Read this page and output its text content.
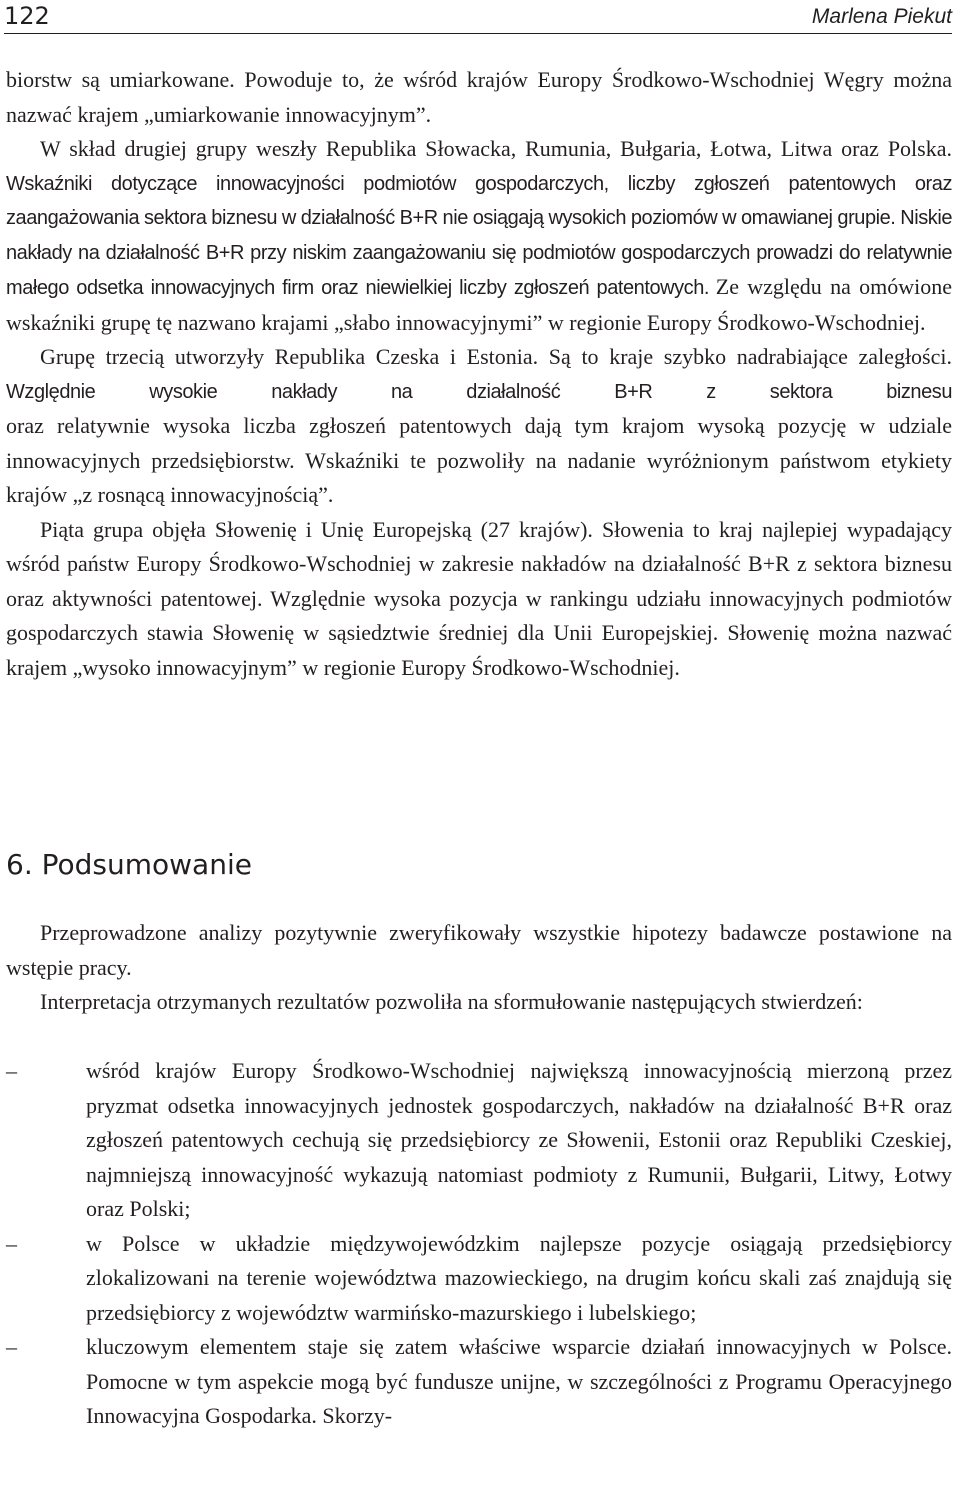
122	Marlena Piekut

biorstw są umiarkowane. Powoduje to, że wśród krajów Europy Środkowo-Wschodniej Węgry można nazwać krajem „umiarkowanie innowacyjnym”.

W skład drugiej grupy weszły Republika Słowacka, Rumunia, Bułgaria, Łotwa, Litwa oraz Polska. Wskaźniki dotyczące innowacyjności podmiotów gospodarczych, liczby zgłoszeń patentowych oraz zaangażowania sektora biznesu w działalność B+R nie osiągają wysokich poziomów w omawianej grupie. Niskie nakłady na działalność B+R przy niskim zaangażowaniu się podmiotów gospodarczych prowadzi do relatywnie małego odsetka innowacyjnych firm oraz niewielkiej liczby zgłoszeń patentowych. Ze względu na omówione wskaźniki grupę tę nazwano krajami „słabo innowacyjnymi” w regionie Europy Środkowo-Wschodniej.

Grupę trzecią utworzyły Republika Czeska i Estonia. Są to kraje szybko nadrabiające zaległości. Względnie wysokie nakłady na działalność B+R z sektora biznesu

oraz relatywnie wysoka liczba zgłoszeń patentowych dają tym krajom wysoką pozycję w udziale innowacyjnych przedsiębiorstw. Wskaźniki te pozwoliły na nadanie wyróżnionym państwom etykiety krajów „z rosnącą innowacyjnością”.

Piąta grupa objęła Słowenię i Unię Europejską (27 krajów). Słowenia to kraj najlepiej wypadający wśród państw Europy Środkowo-Wschodniej w zakresie nakładów na działalność B+R z sektora biznesu oraz aktywności patentowej. Względnie wysoka pozycja w rankingu udziału innowacyjnych podmiotów gospodarczych stawia Słowenię w sąsiedztwie średniej dla Unii Europejskiej. Słowenię można nazwać krajem „wysoko innowacyjnym” w regionie Europy Środkowo-Wschodniej.

6. Podsumowanie

Przeprowadzone analizy pozytywnie zweryfikowały wszystkie hipotezy badawcze postawione na wstępie pracy.

Interpretacja otrzymanych rezultatów pozwoliła na sformułowanie następujących stwierdzeń:

–	wśród krajów Europy Środkowo-Wschodniej największą innowacyjnością mierzoną przez pryzmat odsetka innowacyjnych jednostek gospodarczych, nakładów na działalność B+R oraz zgłoszeń patentowych cechują się przedsiębiorcy ze Słowenii, Estonii oraz Republiki Czeskiej, najmniejszą innowacyjność wykazują natomiast podmioty z Rumunii, Bułgarii, Litwy, Łotwy oraz Polski;
–	w Polsce w układzie międzywojewódzkim najlepsze pozycje osiągają przedsiębiorcy zlokalizowani na terenie województwa mazowieckiego, na drugim końcu skali zaś znajdują się przedsiębiorcy z województw warmińsko-mazurskiego i lubelskiego;
–	kluczowym elementem staje się zatem właściwe wsparcie działań innowacyjnych w Polsce. Pomocne w tym aspekcie mogą być fundusze unijne, w szczególności z Programu Operacyjnego Innowacyjna Gospodarka. Skorzy-
